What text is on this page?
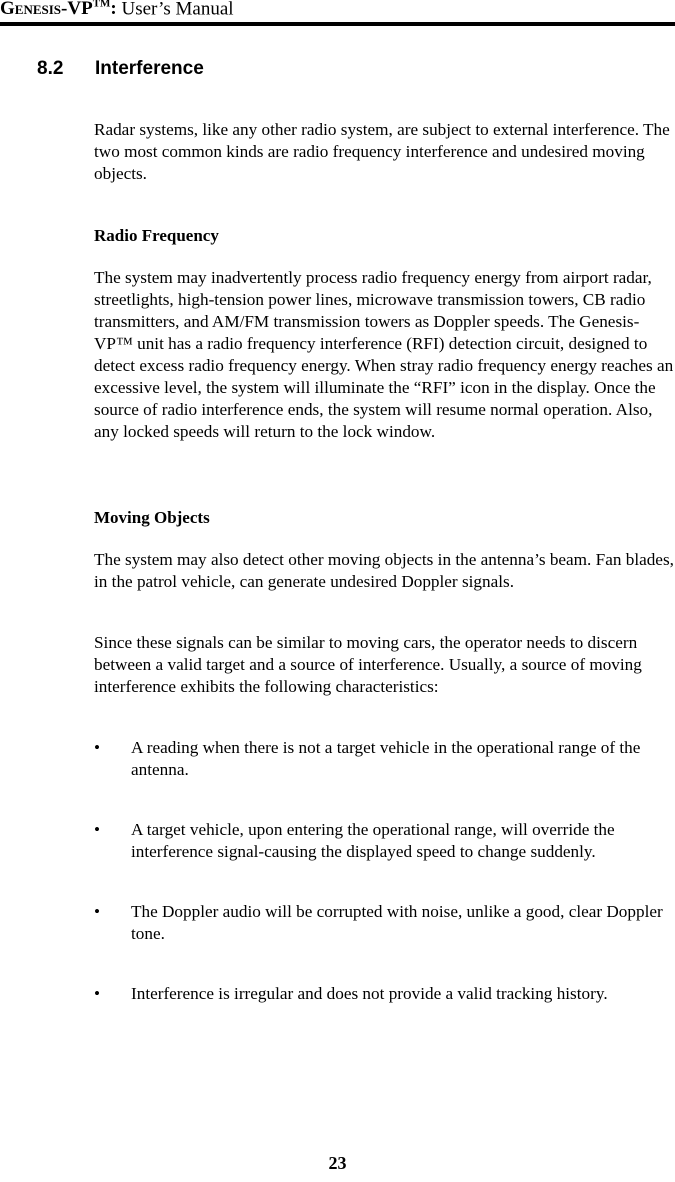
Genesis-VP™: User’s Manual
8.2 Interference

Radar systems, like any other radio system, are subject to external interference. The two most common kinds are radio frequency interference and undesired moving objects.

Radio Frequency

The system may inadvertently process radio frequency energy from airport radar, streetlights, high-tension power lines, microwave transmission towers, CB radio transmitters, and AM/FM transmission towers as Doppler speeds. The Genesis-VP™ unit has a radio frequency interference (RFI) detection circuit, designed to detect excess radio frequency energy. When stray radio frequency energy reaches an excessive level, the system will illuminate the “RFI” icon in the display. Once the source of radio interference ends, the system will resume normal operation. Also, any locked speeds will return to the lock window.

Moving Objects

The system may also detect other moving objects in the antenna’s beam. Fan blades, in the patrol vehicle, can generate undesired Doppler signals.

Since these signals can be similar to moving cars, the operator needs to discern between a valid target and a source of interference. Usually, a source of moving interference exhibits the following characteristics:

• A reading when there is not a target vehicle in the operational range of the antenna.
• A target vehicle, upon entering the operational range, will override the interference signal-causing the displayed speed to change suddenly.
• The Doppler audio will be corrupted with noise, unlike a good, clear Doppler tone.
• Interference is irregular and does not provide a valid tracking history.
23
